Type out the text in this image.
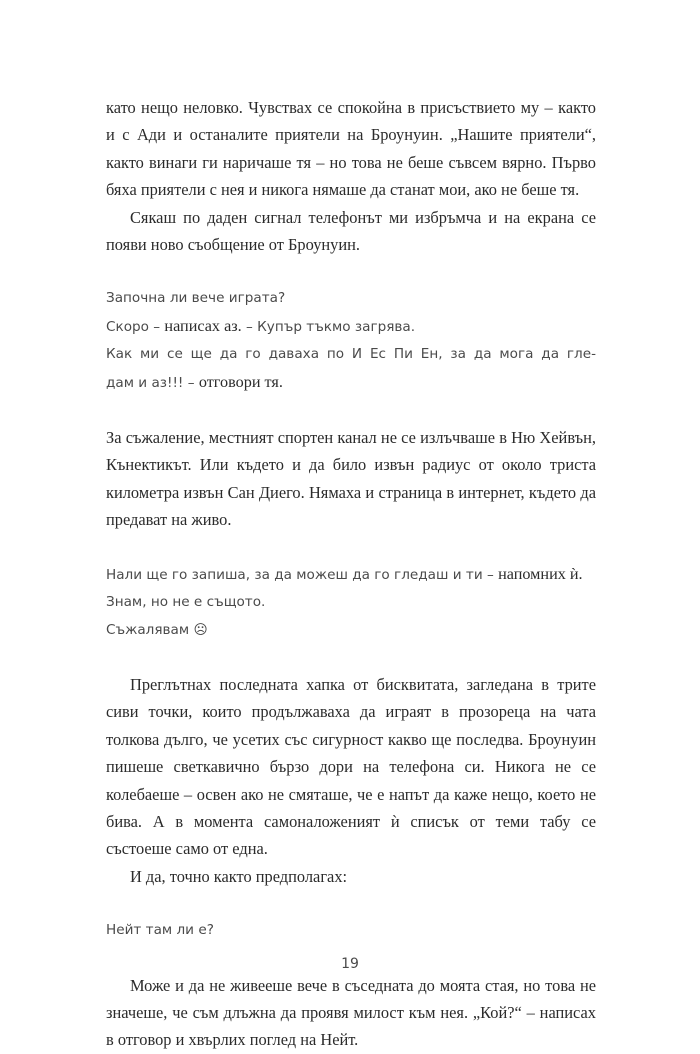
като нещо неловко. Чувствах се спокойна в присъствието му – както и с Ади и останалите приятели на Броунуин. „Нашите приятели“, както винаги ги наричаше тя – но това не беше съвсем вярно. Първо бяха приятели с нея и никога нямаше да станат мои, ако не беше тя.

Сякаш по даден сигнал телефонът ми избръмча и на екрана се появи ново съобщение от Броунуин.

Започна ли вече играта?

Скоро – написах аз. – Купър тъкмо загрява.

Как ми се ще да го даваха по И Ес Пи Ен, за да мога да гле-

дам и аз!!! – отговори тя.

За съжаление, местният спортен канал не се излъчваше в Ню Хейвън, Кънектикът. Или където и да било извън радиус от около триста километра извън Сан Диего. Нямаха и страница в интернет, където да предават на живо.

Нали ще го запиша, за да можеш да го гледаш и ти – напомних ѝ.

Знам, но не е същото.

Съжалявам ☹

Преглътнах последната хапка от бисквитата, загледана в трите сиви точки, които продължаваха да играят в прозореца на чата толкова дълго, че усетих със сигурност какво ще последва. Броунуин пишеше светкавично бързо дори на телефона си. Никога не се колебаеше – освен ако не смяташе, че е напът да каже нещо, което не бива. А в момента самоналоженият ѝ списък от теми табу се състоеше само от една.

И да, точно както предполагах:

Нейт там ли е?

Може и да не живееше вече в съседната до моята стая, но това не значеше, че съм длъжна да проявя милост към нея. „Кой?“ – написах в отговор и хвърлих поглед на Нейт.

19
